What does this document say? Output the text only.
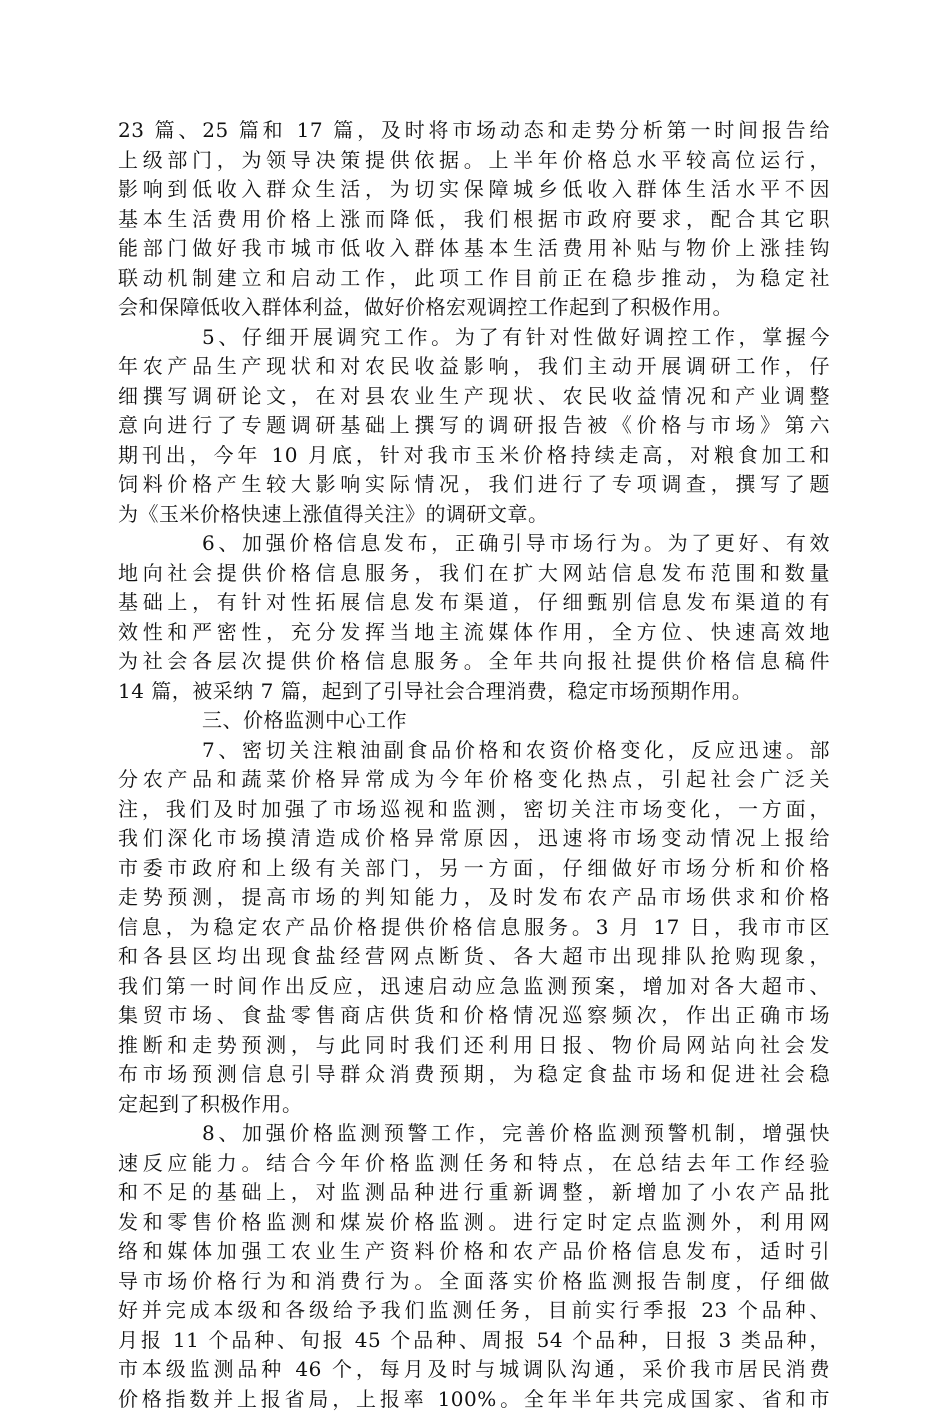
23 篇、25 篇和 17 篇，及时将市场动态和走势分析第一时间报告给
上级部门，为领导决策提供依据。上半年价格总水平较高位运行，
影响到低收入群众生活，为切实保障城乡低收入群体生活水平不因
基本生活费用价格上涨而降低，我们根据市政府要求，配合其它职
能部门做好我市城市低收入群体基本生活费用补贴与物价上涨挂钩
联动机制建立和启动工作，此项工作目前正在稳步推动，为稳定社
会和保障低收入群体利益，做好价格宏观调控工作起到了积极作用。
5、仔细开展调究工作。为了有针对性做好调控工作，掌握今
年农产品生产现状和对农民收益影响，我们主动开展调研工作，仔
细撰写调研论文，在对县农业生产现状、农民收益情况和产业调整
意向进行了专题调研基础上撰写的调研报告被《价格与市场》第六
期刊出，今年 10 月底，针对我市玉米价格持续走高，对粮食加工和
饲料价格产生较大影响实际情况，我们进行了专项调查，撰写了题
为《玉米价格快速上涨值得关注》的调研文章。
6、加强价格信息发布，正确引导市场行为。为了更好、有效
地向社会提供价格信息服务，我们在扩大网站信息发布范围和数量
基础上，有针对性拓展信息发布渠道，仔细甄别信息发布渠道的有
效性和严密性，充分发挥当地主流媒体作用，全方位、快速高效地
为社会各层次提供价格信息服务。全年共向报社提供价格信息稿件
14 篇，被采纳 7 篇，起到了引导社会合理消费，稳定市场预期作用。
三、价格监测中心工作
7、密切关注粮油副食品价格和农资价格变化，反应迅速。部
分农产品和蔬菜价格异常成为今年价格变化热点，引起社会广泛关
注，我们及时加强了市场巡视和监测，密切关注市场变化，一方面，
我们深化市场摸清造成价格异常原因，迅速将市场变动情况上报给
市委市政府和上级有关部门，另一方面，仔细做好市场分析和价格
走势预测，提高市场的判知能力，及时发布农产品市场供求和价格
信息，为稳定农产品价格提供价格信息服务。3 月 17 日，我市市区
和各县区均出现食盐经营网点断货、各大超市出现排队抢购现象，
我们第一时间作出反应，迅速启动应急监测预案，增加对各大超市、
集贸市场、食盐零售商店供货和价格情况巡察频次，作出正确市场
推断和走势预测，与此同时我们还利用日报、物价局网站向社会发
布市场预测信息引导群众消费预期，为稳定食盐市场和促进社会稳
定起到了积极作用。
8、加强价格监测预警工作，完善价格监测预警机制，增强快
速反应能力。结合今年价格监测任务和特点，在总结去年工作经验
和不足的基础上，对监测品种进行重新调整，新增加了小农产品批
发和零售价格监测和煤炭价格监测。进行定时定点监测外，利用网
络和媒体加强工农业生产资料价格和农产品价格信息发布，适时引
导市场价格行为和消费行为。全面落实价格监测报告制度，仔细做
好并完成本级和各级给予我们监测任务，目前实行季报 23 个品种、
月报 11 个品种、旬报 45 个品种、周报 54 个品种，日报 3 类品种，
市本级监测品种 46 个，每月及时与城调队沟通，采价我市居民消费
价格指数并上报省局，上报率 100%。全年半年共完成国家、省和市
